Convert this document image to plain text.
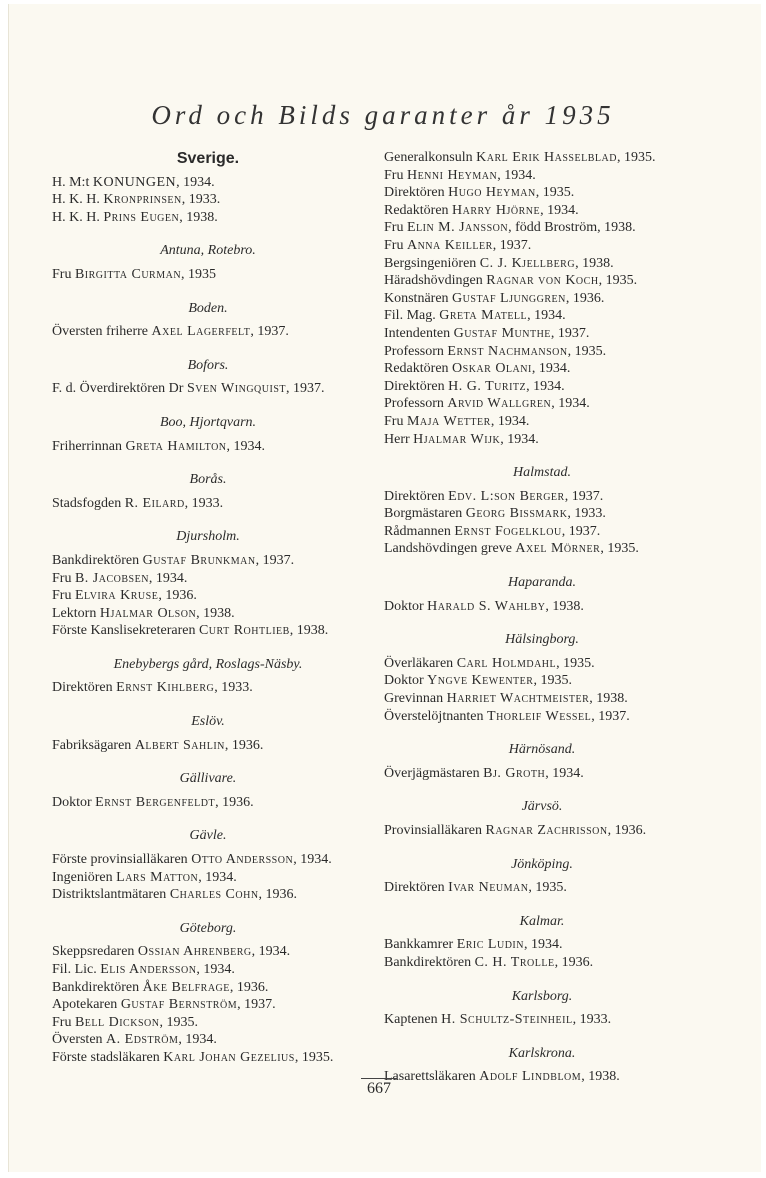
Ord och Bilds garanter år 1935
Sverige.

H. M:t KONUNGEN, 1934.

H. K. H. Kronprinsen, 1933.

H. K. H. Prins Eugen, 1938.

Antuna, Rotebro.

Fru Birgitta Curman, 1935

Boden.

Översten friherre Axel Lagerfelt, 1937.

Bofors.

F. d. Överdirektören Dr Sven Wingquist, 1937.

Boo, Hjortqvarn.

Friherrinnan Greta Hamilton, 1934.

Borås.

Stadsfogden R. Eilard, 1933.

Djursholm.

Bankdirektören Gustaf Brunkman, 1937.

Fru B. Jacobsen, 1934.

Fru Elvira Kruse, 1936.

Lektorn Hjalmar Olson, 1938.

Förste Kanslisekreteraren Curt Rohtlieb, 1938.

Enebybergs gård, Roslags-Näsby.

Direktören Ernst Kihlberg, 1933.

Eslöv.

Fabriksägaren Albert Sahlin, 1936.

Gällivare.

Doktor Ernst Bergenfeldt, 1936.

Gävle.

Förste provinsialläkaren Otto Andersson, 1934.

Ingeniören Lars Matton, 1934.

Distriktslantmätaren Charles Cohn, 1936.

Göteborg.

Skeppsredaren Ossian Ahrenberg, 1934.

Fil. Lic. Elis Andersson, 1934.

Bankdirektören Åke Belfrage, 1936.

Apotekaren Gustaf Bernström, 1937.

Fru Bell Dickson, 1935.

Översten A. Edström, 1934.

Förste stadsläkaren Karl Johan Gezelius, 1935.

Generalkonsuln Karl Erik Hasselblad, 1935.

Fru Henni Heyman, 1934.

Direktören Hugo Heyman, 1935.

Redaktören Harry Hjörne, 1934.

Fru Elin M. Jansson, född Broström, 1938.

Fru Anna Keiller, 1937.

Bergsingeniören C. J. Kjellberg, 1938.

Häradshövdingen Ragnar von Koch, 1935.

Konstnären Gustaf Ljunggren, 1936.

Fil. Mag. Greta Matell, 1934.

Intendenten Gustaf Munthe, 1937.

Professorn Ernst Nachmanson, 1935.

Redaktören Oskar Olani, 1934.

Direktören H. G. Turitz, 1934.

Professorn Arvid Wallgren, 1934.

Fru Maja Wetter, 1934.

Herr Hjalmar Wijk, 1934.

Halmstad.

Direktören Edv. L:son Berger, 1937.

Borgmästaren Georg Bissmark, 1933.

Rådmannen Ernst Fogelklou, 1937.

Landshövdingen greve Axel Mörner, 1935.

Haparanda.

Doktor Harald S. Wahlby, 1938.

Hälsingborg.

Överläkaren Carl Holmdahl, 1935.

Doktor Yngve Kewenter, 1935.

Grevinnan Harriet Wachtmeister, 1938.

Överstelöjtnanten Thorleif Wessel, 1937.

Härnösand.

Överjägmästaren Bj. Groth, 1934.

Järvsö.

Provinsialläkaren Ragnar Zachrisson, 1936.

Jönköping.

Direktören Ivar Neuman, 1935.

Kalmar.

Bankkamrer Eric Ludin, 1934.

Bankdirektören C. H. Trolle, 1936.

Karlsborg.

Kaptenen H. Schultz-Steinheil, 1933.

Karlskrona.

Lasarettsläkaren Adolf Lindblom, 1938.

667
